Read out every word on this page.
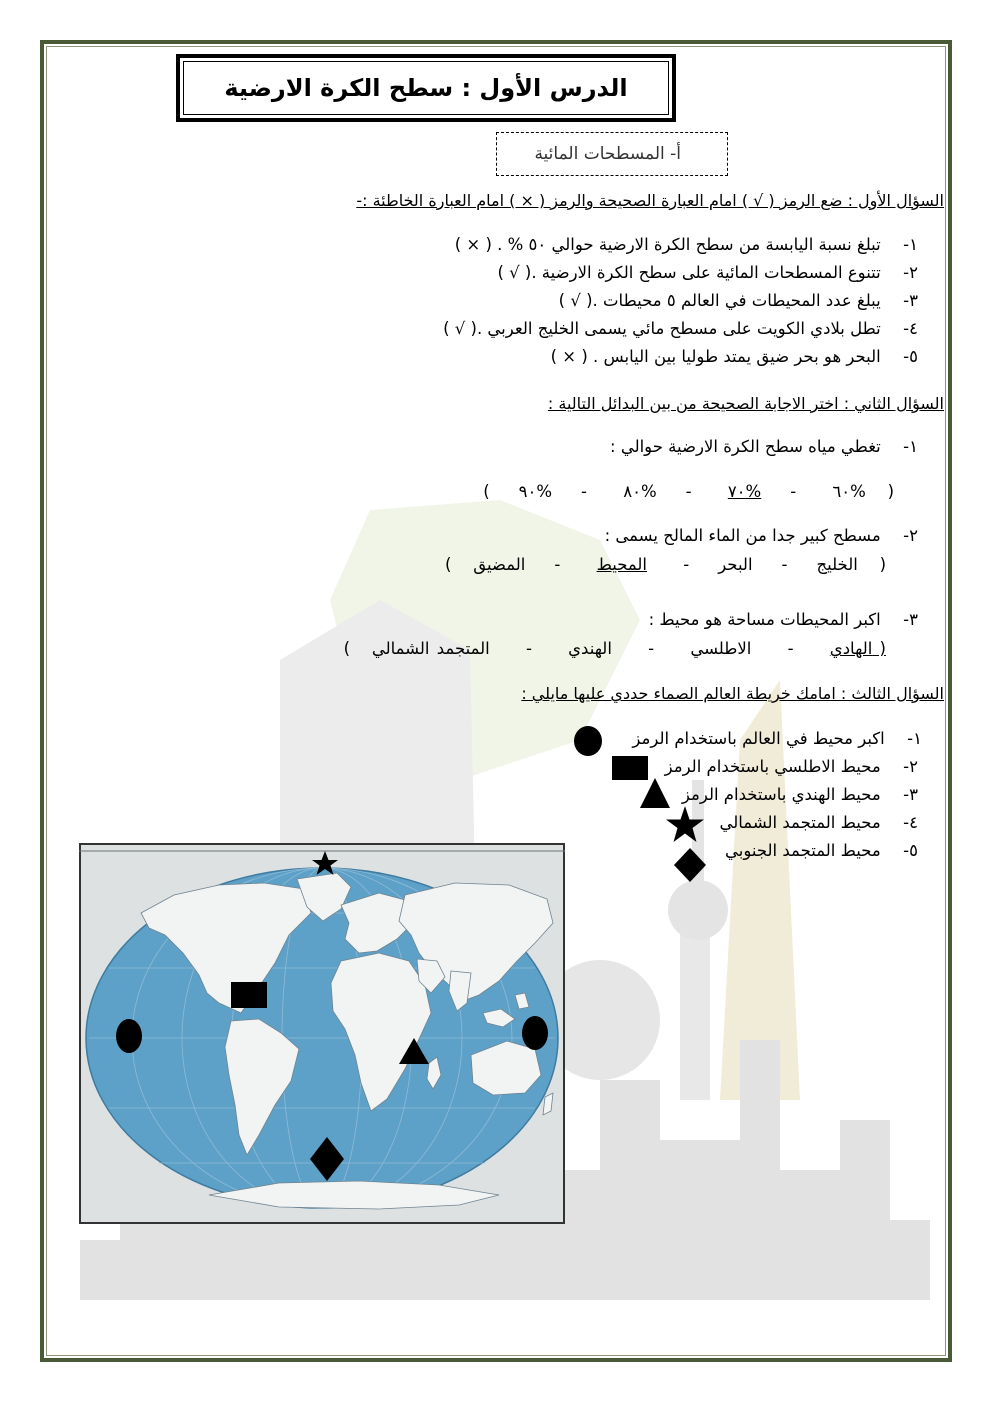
الدرس الأول : سطح الكرة الارضية
أ- المسطحات المائية
السؤال الأول : ضع الرمز ( √ ) امام العبارة الصحيحة والرمز ( × ) امام العبارة الخاطئة :-
١- تبلغ نسبة اليابسة من سطح الكرة الارضية حوالي ٥٠ % . ( × )
٢- تتنوع المسطحات المائية على سطح الكرة الارضية .( √ )
٣- يبلغ عدد المحيطات في العالم ٥ محيطات .( √ )
٤- تطل بلادي الكويت على مسطح مائي يسمى الخليج العربي .( √ )
٥- البحر هو بحر ضيق يمتد طوليا بين اليابس . ( × )
السؤال الثاني : اختر الاجابة الصحيحة من بين البدائل التالية :
١- تغطي مياه سطح الكرة الارضية حوالي :
(   %٦٠     -    %٧٠     -    %٨٠     -    %٩٠    )
٢- مسطح كبير جدا من الماء المالح يسمى :
(   الخليج    -    البحر    -     المحيط     -    المضيق   )
٣- اكبر المحيطات مساحة هو محيط :
( الهادي     -     الاطلسي     -     الهندي     -     المتجمد الشمالي   )
السؤال الثالث : امامك خريطة العالم الصماء حددي عليها مايلي :
١- اكبر محيط في العالم باستخدام الرمز
٢- محيط الاطلسي باستخدام الرمز
٣- محيط الهندي باستخدام الرمز
٤- محيط المتجمد الشمالي
٥- محيط المتجمد الجنوبي
